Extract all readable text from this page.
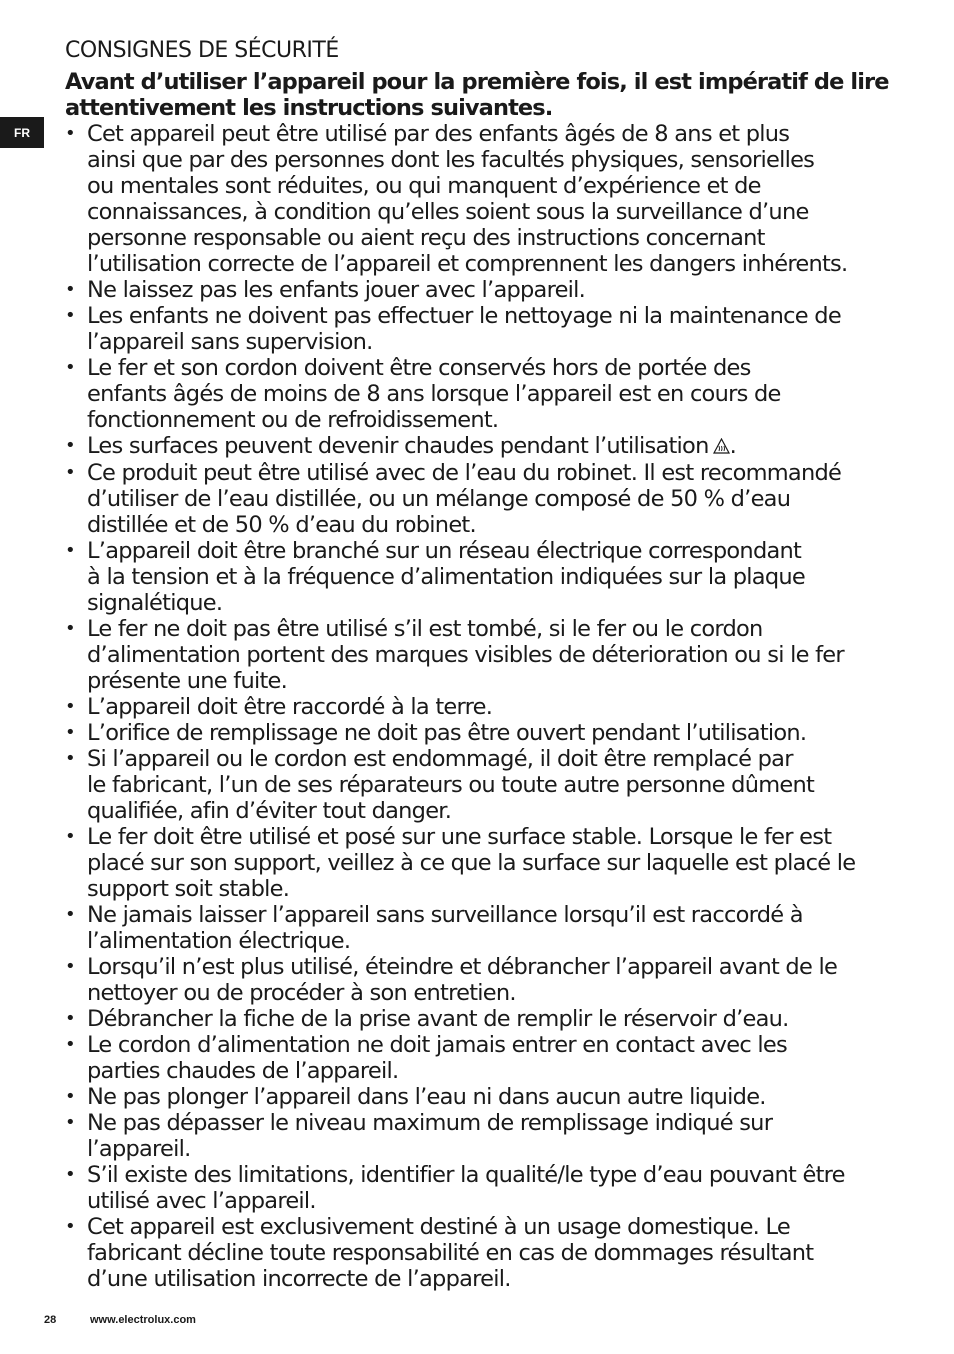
FR
CONSIGNES DE SÉCURITÉ
Avant d’utiliser l’appareil pour la première fois, il est impératif de lire
attentivement les instructions suivantes.
• Cet appareil peut être utilisé par des enfants âgés de 8 ans et plus
ainsi que par des personnes dont les facultés physiques, sensorielles
ou mentales sont réduites, ou qui manquent d’expérience et de
connaissances, à condition qu’elles soient sous la surveillance d’une
personne responsable ou aient reçu des instructions concernant
l’utilisation correcte de l’appareil et comprennent les dangers inhérents.
• Ne laissez pas les enfants jouer avec l’appareil.
• Les enfants ne doivent pas effectuer le nettoyage ni la maintenance de
l’appareil sans supervision.
• Le fer et son cordon doivent être conservés hors de portée des
enfants âgés de moins de 8 ans lorsque l’appareil est en cours de
fonctionnement ou de refroidissement.
• Les surfaces peuvent devenir chaudes pendant l’utilisation .
• Ce produit peut être utilisé avec de l’eau du robinet. Il est recommandé
d’utiliser de l’eau distillée, ou un mélange composé de 50 % d’eau
distillée et de 50 % d’eau du robinet.
• L’appareil doit être branché sur un réseau électrique correspondant
à la tension et à la fréquence d’alimentation indiquées sur la plaque
signalétique.
• Le fer ne doit pas être utilisé s’il est tombé, si le fer ou le cordon
d’alimentation portent des marques visibles de déterioration ou si le fer
présente une fuite.
• L’appareil doit être raccordé à la terre.
• L’orifice de remplissage ne doit pas être ouvert pendant l’utilisation.
• Si l’appareil ou le cordon est endommagé, il doit être remplacé par
le fabricant, l’un de ses réparateurs ou toute autre personne dûment
qualifiée, afin d’éviter tout danger.
• Le fer doit être utilisé et posé sur une surface stable. Lorsque le fer est
placé sur son support, veillez à ce que la surface sur laquelle est placé le
support soit stable.
• Ne jamais laisser l’appareil sans surveillance lorsqu’il est raccordé à
l’alimentation électrique.
• Lorsqu’il n’est plus utilisé, éteindre et débrancher l’appareil avant de le
nettoyer ou de procéder à son entretien.
• Débrancher la fiche de la prise avant de remplir le réservoir d’eau.
• Le cordon d’alimentation ne doit jamais entrer en contact avec les
parties chaudes de l’appareil.
• Ne pas plonger l’appareil dans l’eau ni dans aucun autre liquide.
• Ne pas dépasser le niveau maximum de remplissage indiqué sur
l’appareil.
• S’il existe des limitations, identifier la qualité/le type d’eau pouvant être
utilisé avec l’appareil.
• Cet appareil est exclusivement destiné à un usage domestique. Le
fabricant décline toute responsabilité en cas de dommages résultant
d’une utilisation incorrecte de l’appareil.
28	www.electrolux.com
